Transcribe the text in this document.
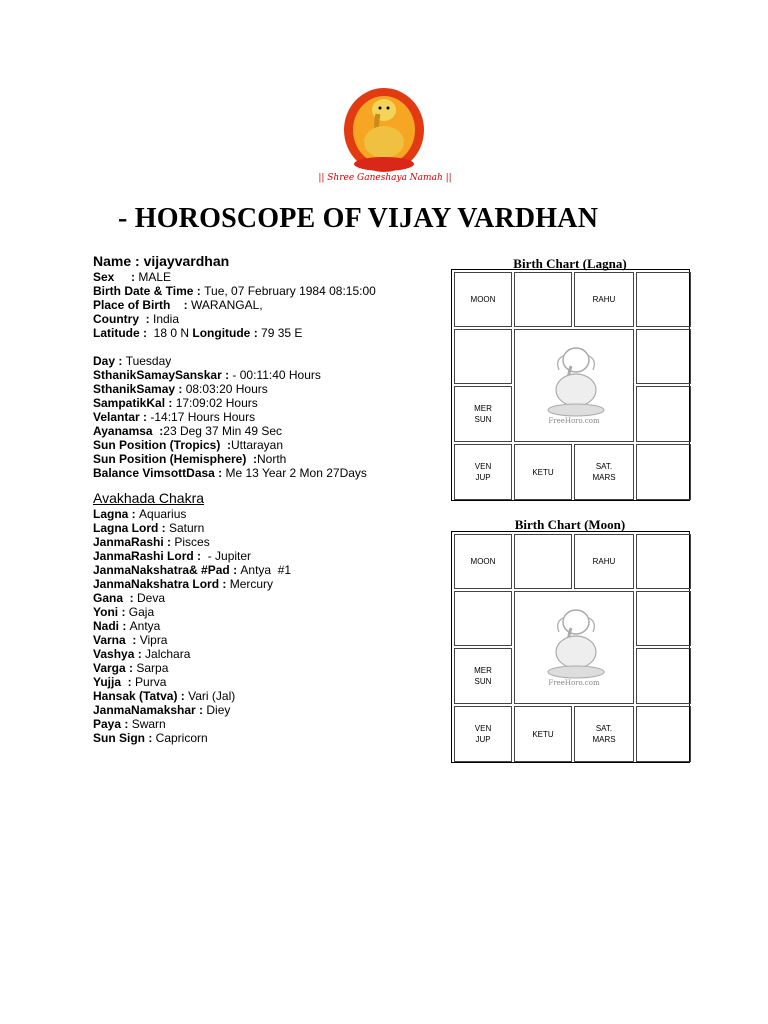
|| Shree Ganeshaya Namah ||
- HOROSCOPE OF VIJAY VARDHAN
Name : vijayvardhan
Sex     : MALE
Birth Date & Time : Tue, 07 February 1984 08:15:00
Place of Birth    : WARANGAL,
Country  : India
Latitude :  18 0 N Longitude : 79 35 E
Day : Tuesday
SthanikSamaySanskar : - 00:11:40 Hours
SthanikSamay : 08:03:20 Hours
SampatikKal : 17:09:02 Hours
Velantar : -14:17 Hours Hours
Ayanamsa  :23 Deg 37 Min 49 Sec
Sun Position (Tropics)  :Uttarayan
Sun Position (Hemisphere)  :North
Balance VimsottDasa : Me 13 Year 2 Mon 27Days
Avakhada Chakra
Lagna : Aquarius
Lagna Lord : Saturn
JanmaRashi : Pisces
JanmaRashi Lord :  - Jupiter
JanmaNakshatra& #Pad : Antya  #1
JanmaNakshatra Lord : Mercury
Gana  : Deva
Yoni : Gaja
Nadi : Antya
Varna  : Vipra
Vashya : Jalchara
Varga : Sarpa
Yujja  : Purva
Hansak (Tatva) : Vari (Jal)
JanmaNamakshar : Diey
Paya : Swarn
Sun Sign : Capricorn
Birth Chart (Lagna)
MOON	RAHU
MER
SUN
VEN
JUP
KETU
SAT.
MARS
FreeHoro.com
Birth Chart (Moon)
MOON	RAHU
MER
SUN
VEN
JUP
KETU
SAT.
MARS
FreeHoro.com
